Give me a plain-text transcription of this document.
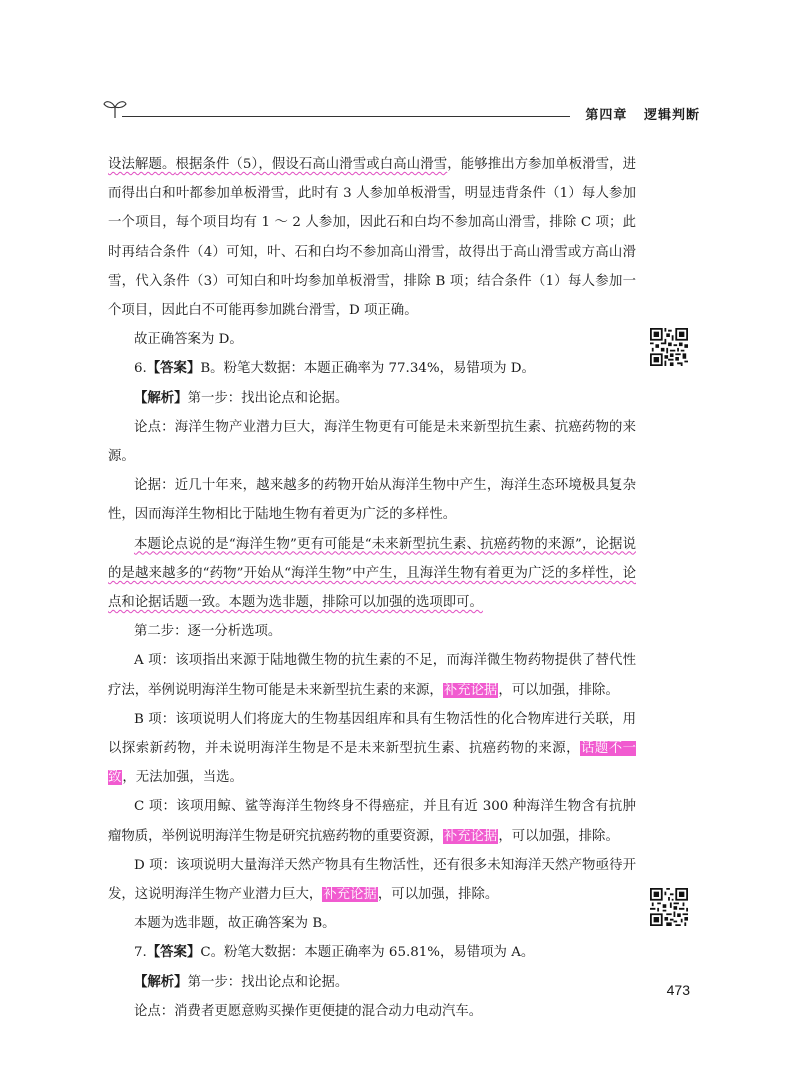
第四章 逻辑判断

设法解题。根据条件（5），假设石高山滑雪或白高山滑雪，能够推出方参加单板滑雪，进而得出白和叶都参加单板滑雪，此时有 3 人参加单板滑雪，明显违背条件（1）每人参加一个项目，每个项目均有 1 ～ 2 人参加，因此石和白均不参加高山滑雪，排除 C 项；此时再结合条件（4）可知，叶、石和白均不参加高山滑雪，故得出于高山滑雪或方高山滑雪，代入条件（3）可知白和叶均参加单板滑雪，排除 B 项；结合条件（1）每人参加一个项目，因此白不可能再参加跳台滑雪，D 项正确。

故正确答案为 D。

6.【答案】B。粉笔大数据：本题正确率为 77.34%，易错项为 D。

【解析】第一步：找出论点和论据。

论点：海洋生物产业潜力巨大，海洋生物更有可能是未来新型抗生素、抗癌药物的来源。

论据：近几十年来，越来越多的药物开始从海洋生物中产生，海洋生态环境极具复杂性，因而海洋生物相比于陆地生物有着更为广泛的多样性。

本题论点说的是“海洋生物”更有可能是“未来新型抗生素、抗癌药物的来源”，论据说的是越来越多的“药物”开始从“海洋生物”中产生，且海洋生物有着更为广泛的多样性，论点和论据话题一致。本题为选非题，排除可以加强的选项即可。

第二步：逐一分析选项。

A 项：该项指出来源于陆地微生物的抗生素的不足，而海洋微生物药物提供了替代性疗法，举例说明海洋生物可能是未来新型抗生素的来源，补充论据，可以加强，排除。

B 项：该项说明人们将庞大的生物基因组库和具有生物活性的化合物库进行关联，用以探索新药物，并未说明海洋生物是不是未来新型抗生素、抗癌药物的来源，话题不一致，无法加强，当选。

C 项：该项用鲸、鲨等海洋生物终身不得癌症，并且有近 300 种海洋生物含有抗肿瘤物质，举例说明海洋生物是研究抗癌药物的重要资源，补充论据，可以加强，排除。

D 项：该项说明大量海洋天然产物具有生物活性，还有很多未知海洋天然产物亟待开发，这说明海洋生物产业潜力巨大，补充论据，可以加强，排除。

本题为选非题，故正确答案为 B。

7.【答案】C。粉笔大数据：本题正确率为 65.81%，易错项为 A。

【解析】第一步：找出论点和论据。

论点：消费者更愿意购买操作更便捷的混合动力电动汽车。

473
